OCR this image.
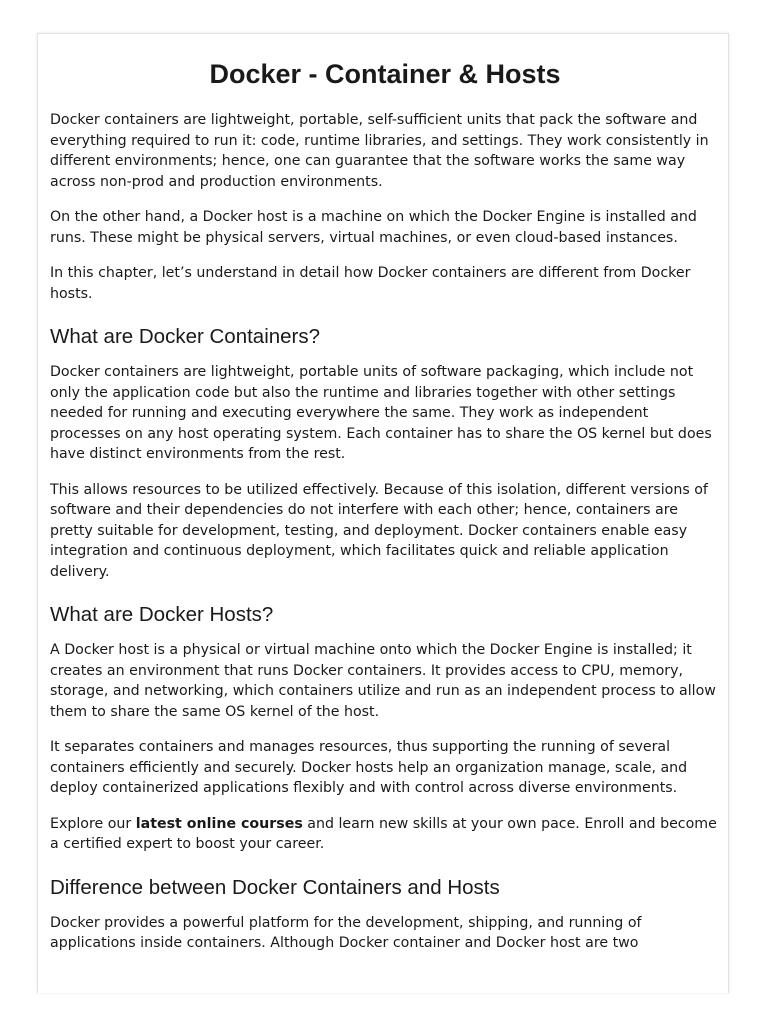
Docker - Container & Hosts

Docker containers are lightweight, portable, self-sufficient units that pack the software and everything required to run it: code, runtime libraries, and settings. They work consistently in different environments; hence, one can guarantee that the software works the same way across non-prod and production environments.

On the other hand, a Docker host is a machine on which the Docker Engine is installed and runs. These might be physical servers, virtual machines, or even cloud-based instances.

In this chapter, let’s understand in detail how Docker containers are different from Docker hosts.

What are Docker Containers?

Docker containers are lightweight, portable units of software packaging, which include not only the application code but also the runtime and libraries together with other settings needed for running and executing everywhere the same. They work as independent processes on any host operating system. Each container has to share the OS kernel but does have distinct environments from the rest.

This allows resources to be utilized effectively. Because of this isolation, different versions of software and their dependencies do not interfere with each other; hence, containers are pretty suitable for development, testing, and deployment. Docker containers enable easy integration and continuous deployment, which facilitates quick and reliable application delivery.

What are Docker Hosts?

A Docker host is a physical or virtual machine onto which the Docker Engine is installed; it creates an environment that runs Docker containers. It provides access to CPU, memory, storage, and networking, which containers utilize and run as an independent process to allow them to share the same OS kernel of the host.

It separates containers and manages resources, thus supporting the running of several containers efficiently and securely. Docker hosts help an organization manage, scale, and deploy containerized applications flexibly and with control across diverse environments.

Explore our latest online courses and learn new skills at your own pace. Enroll and become a certified expert to boost your career.

Difference between Docker Containers and Hosts

Docker provides a powerful platform for the development, shipping, and running of applications inside containers. Although Docker container and Docker host are two
